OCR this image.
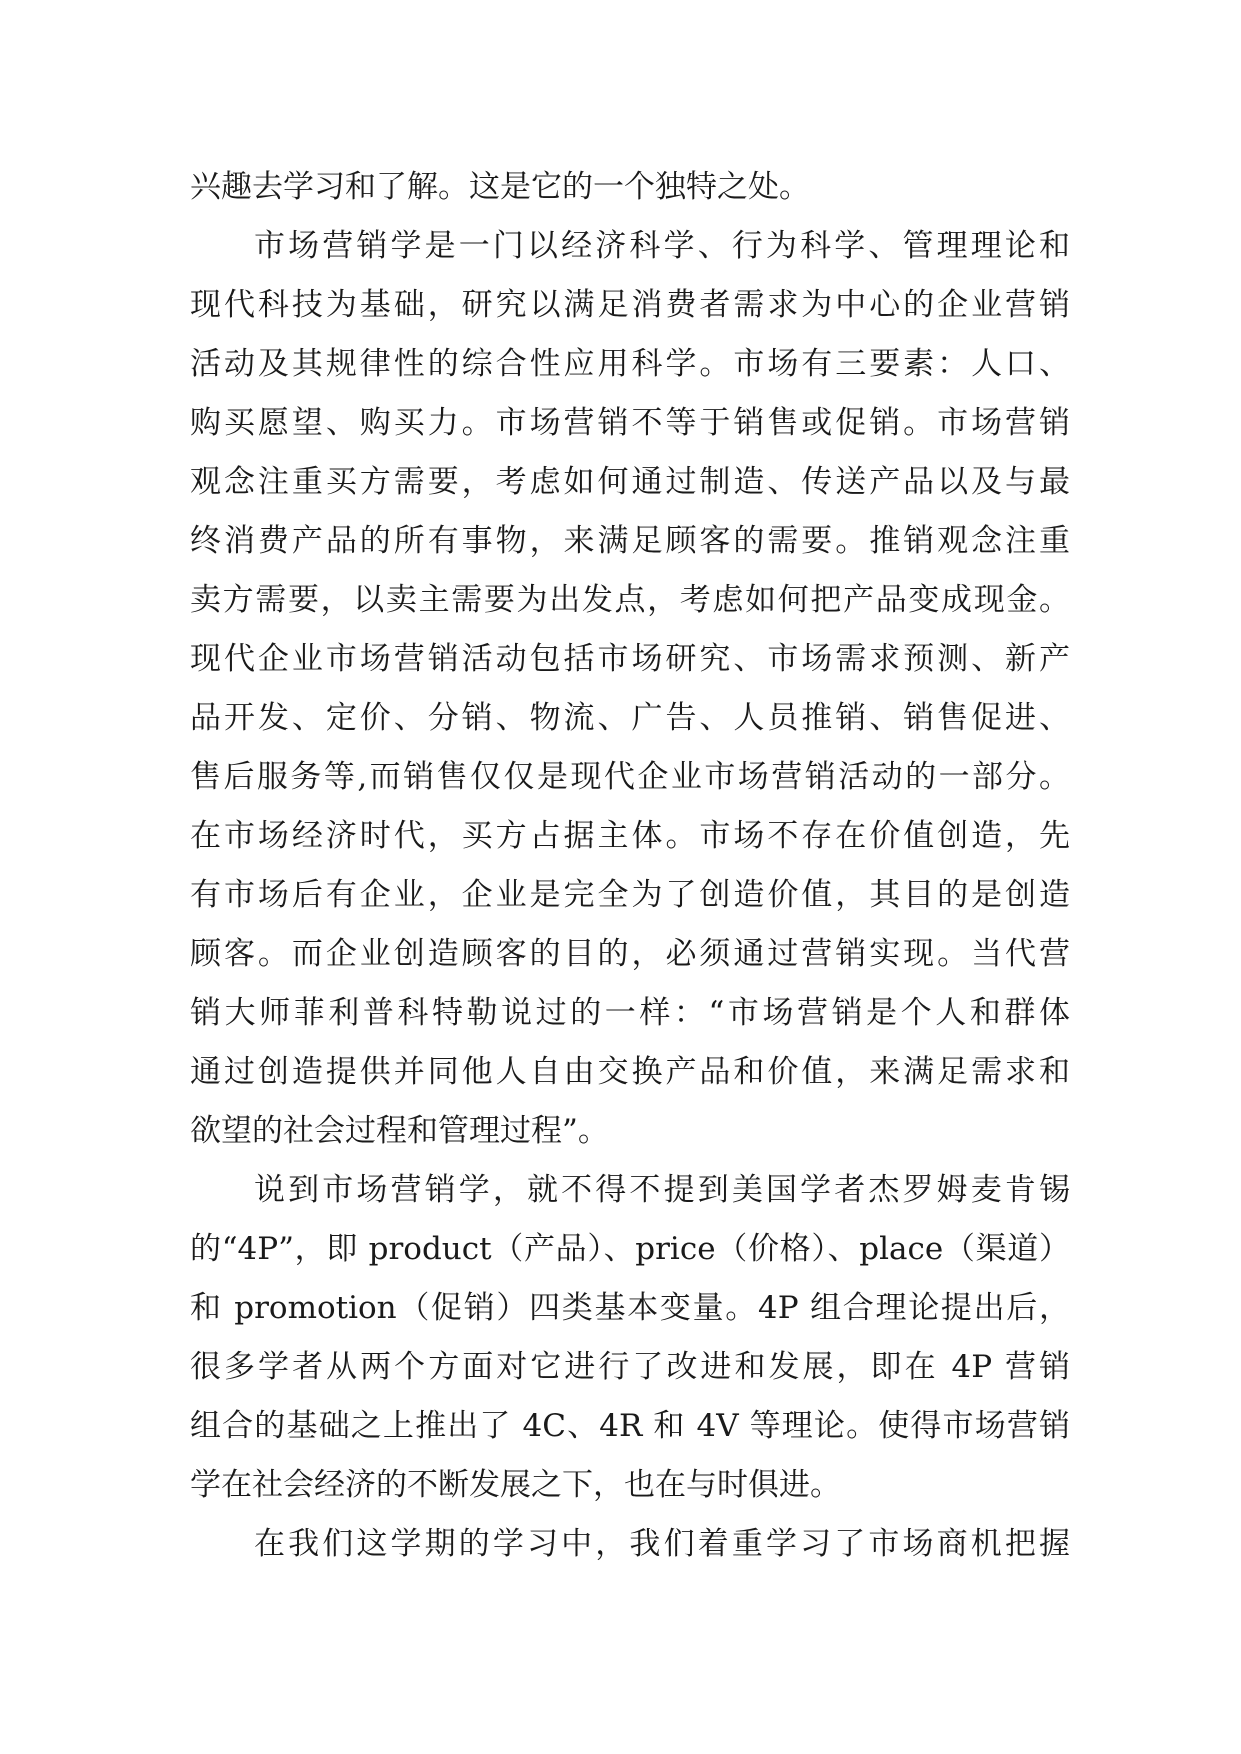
兴趣去学习和了解。这是它的一个独特之处。
市场营销学是一门以经济科学、行为科学、管理理论和
现代科技为基础，研究以满足消费者需求为中心的企业营销
活动及其规律性的综合性应用科学。市场有三要素：人口、
购买愿望、购买力。市场营销不等于销售或促销。市场营销
观念注重买方需要，考虑如何通过制造、传送产品以及与最
终消费产品的所有事物，来满足顾客的需要。推销观念注重
卖方需要，以卖主需要为出发点，考虑如何把产品变成现金。
现代企业市场营销活动包括市场研究、市场需求预测、新产
品开发、定价、分销、物流、广告、人员推销、销售促进、
售后服务等,而销售仅仅是现代企业市场营销活动的一部分。
在市场经济时代，买方占据主体。市场不存在价值创造，先
有市场后有企业，企业是完全为了创造价值，其目的是创造
顾客。而企业创造顾客的目的，必须通过营销实现。当代营
销大师菲利普科特勒说过的一样：“市场营销是个人和群体
通过创造提供并同他人自由交换产品和价值，来满足需求和
欲望的社会过程和管理过程”。
说到市场营销学，就不得不提到美国学者杰罗姆麦肯锡
的“4P”，即 product（产品）、price（价格）、place（渠道）
和 promotion（促销）四类基本变量。4P 组合理论提出后，
很多学者从两个方面对它进行了改进和发展，即在 4P 营销
组合的基础之上推出了 4C、4R 和 4V 等理论。使得市场营销
学在社会经济的不断发展之下，也在与时俱进。
在我们这学期的学习中，我们着重学习了市场商机把握
